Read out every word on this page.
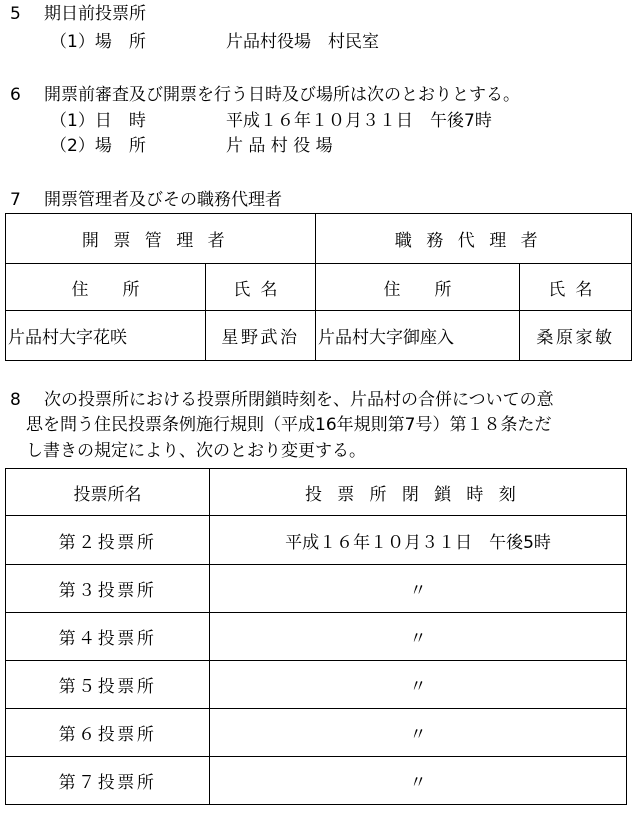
5 期日前投票所
（1）場　所	片品村役場　村民室
6 開票前審査及び開票を行う日時及び場所は次のとおりとする。
（1）日　時	平成１６年１０月３１日　午後7時
（2）場　所	片 品 村 役 場
7 開票管理者及びその職務代理者
開票管理者		職務代理者	
住　　所	氏名	住　　所	氏名
片品村大字花咲	星野武治	片品村大字御座入	桑原家敏
8 次の投票所における投票所閉鎖時刻を、片品村の合併についての意
思を問う住民投票条例施行規則（平成16年規則第7号）第１８条ただ
し書きの規定により、次のとおり変更する。
投票所名	投票所閉鎖時刻
第２投票所	平成１６年１０月３１日　午後5時
第３投票所	〃
第４投票所	〃
第５投票所	〃
第６投票所	〃
第７投票所	〃
